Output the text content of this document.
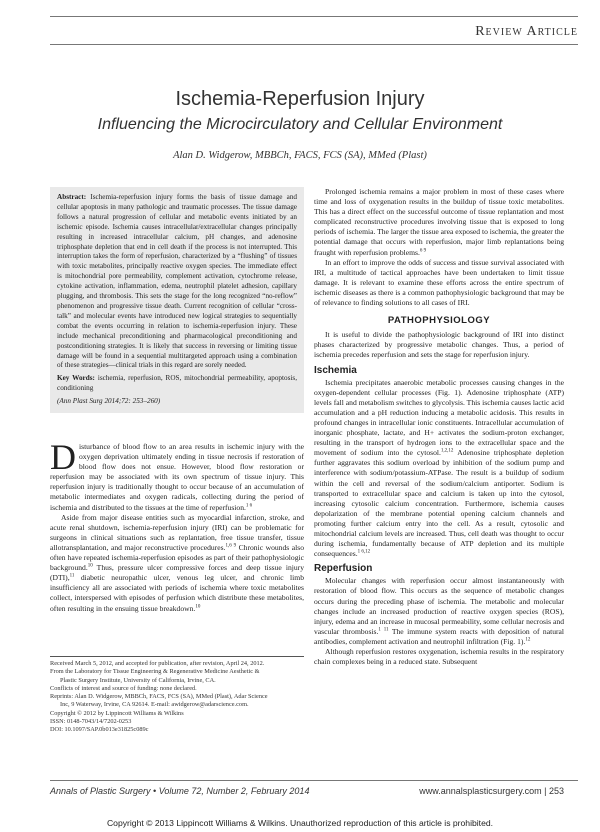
Review Article
Ischemia-Reperfusion Injury
Influencing the Microcirculatory and Cellular Environment
Alan D. Widgerow, MBBCh, FACS, FCS (SA), MMed (Plast)

Abstract: Ischemia-reperfusion injury forms the basis of tissue damage and cellular apoptosis in many pathologic and traumatic processes. The tissue damage follows a natural progression of cellular and metabolic events initiated by an ischemic episode. Ischemia causes intracellular/extracellular changes principally resulting in increased intracellular calcium, pH changes, and adenosine triphosphate depletion that end in cell death if the process is not interrupted. This interruption takes the form of reperfusion, characterized by a “flushing” of tissues with toxic metabolites, principally reactive oxygen species. The immediate effect is mitochondrial pore permeability, complement activation, cytochrome release, cytokine activation, inflammation, edema, neutrophil platelet adhesion, capillary plugging, and thrombosis. This sets the stage for the long recognized “no-reflow” phenomenon and progressive tissue death. Current recognition of cellular “cross-talk” and molecular events have introduced new logical strategies to sequentially combat the events occurring in relation to ischemia-reperfusion injury. These include mechanical preconditioning and pharmacological preconditioning and postconditioning strategies. It is likely that success in reversing or limiting tissue damage will be found in a sequential multitargeted approach using a combination of these strategies—clinical trials in this regard are sorely needed.

Key Words: ischemia, reperfusion, ROS, mitochondrial permeability, apoptosis, conditioning

(Ann Plast Surg 2014;72: 253–260)

Disturbance of blood flow to an area results in ischemic injury with the oxygen deprivation ultimately ending in tissue necrosis if restoration of blood flow does not ensue. However, blood flow restoration or reperfusion may be associated with its own spectrum of tissue injury. This reperfusion injury is traditionally thought to occur because of an accumulation of metabolic intermediates and oxygen radicals, collecting during the period of ischemia and distributed to the tissues at the time of reperfusion.$^{1 6}$

Aside from major disease entities such as myocardial infarction, stroke, and acute renal shutdown, ischemia-reperfusion injury (IRI) can be problematic for surgeons in clinical situations such as replantation, free tissue transfer, tissue allotransplantation, and major reconstructive procedures.$^{1,6 9}$ Chronic wounds also often have repeated ischemia-reperfusion episodes as part of their pathophysiologic background.$^{10}$ Thus, pressure ulcer compressive forces and deep tissue injury (DTI),$^{11}$ diabetic neuropathic ulcer, venous leg ulcer, and chronic limb insufficiency all are associated with periods of ischemia where toxic metabolites collect, interspersed with episodes of perfusion which distribute these metabolites, often resulting in the ensuing tissue breakdown.$^{10}$

Received March 5, 2012, and accepted for publication, after revision, April 24, 2012.
From the Laboratory for Tissue Engineering & Regenerative Medicine Aesthetic &
Plastic Surgery Institute, University of California, Irvine, CA.
Conflicts of interest and source of funding: none declared.
Reprints: Alan D. Widgerow, MBBCh, FACS, FCS (SA), MMed (Plast), Adar Science
Inc, 9 Waterway, Irvine, CA 92614. E-mail: awidgerow@adarscience.com.
Copyright © 2012 by Lippincott Williams & Wilkins
ISSN: 0148-7043/14/7202-0253
DOI: 10.1097/SAP.0b013e31825c089c

Prolonged ischemia remains a major problem in most of these cases where time and loss of oxygenation results in the buildup of tissue toxic metabolites. This has a direct effect on the successful outcome of tissue replantation and most complicated reconstructive procedures involving tissue that is exposed to long periods of ischemia. The larger the tissue area exposed to ischemia, the greater the potential damage that occurs with reperfusion, major limb replantations being fraught with reperfusion problems.$^{6 9}$

In an effort to improve the odds of success and tissue survival associated with IRI, a multitude of tactical approaches have been undertaken to limit tissue damage. It is relevant to examine these efforts across the entire spectrum of ischemic diseases as there is a common pathophysiologic background that may be of relevance to finding solutions to all cases of IRI.

PATHOPHYSIOLOGY

It is useful to divide the pathophysiologic background of IRI into distinct phases characterized by progressive metabolic changes. Thus, a period of ischemia precedes reperfusion and sets the stage for reperfusion injury.

Ischemia

Ischemia precipitates anaerobic metabolic processes causing changes in the oxygen-dependent cellular processes (Fig. 1). Adenosine triphosphate (ATP) levels fall and metabolism switches to glycolysis. This ischemia causes lactic acid accumulation and a pH reduction inducing a metabolic acidosis. This results in profound changes in intracellular ionic constituents. Intracellular accumulation of inorganic phosphate, lactate, and H+ activates the sodium-proton exchanger, resulting in the transport of hydrogen ions to the extracellular space and the movement of sodium into the cytosol.$^{1,2,12}$ Adenosine triphosphate depletion further aggravates this sodium overload by inhibition of the sodium pump and interference with sodium/potassium-ATPase. The result is a buildup of sodium within the cell and reversal of the sodium/calcium antiporter. Sodium is transported to extracellular space and calcium is taken up into the cytosol, increasing cytosolic calcium concentration. Furthermore, ischemia causes depolarization of the membrane potential opening calcium channels and promoting further calcium entry into the cell. As a result, cytosolic and mitochondrial calcium levels are increased. Thus, cell death was thought to occur during ischemia, fundamentally because of ATP depletion and its multiple consequences.$^{1 6,12}$

Reperfusion

Molecular changes with reperfusion occur almost instantaneously with restoration of blood flow. This occurs as the sequence of metabolic changes occurs during the preceding phase of ischemia. The metabolic and molecular changes include an increased production of reactive oxygen species (ROS), injury, edema and an increase in mucosal permeability, some cellular necrosis and vascular thrombosis.$^{1 11}$ The immune system reacts with deposition of natural antibodies, complement activation and neutrophil infiltration (Fig. 1).$^{12}$

Although reperfusion restores oxygenation, ischemia results in the respiratory chain complexes being in a reduced state. Subsequent

Annals of Plastic Surgery • Volume 72, Number 2, February 2014	www.annalsplasticsurgery.com | 253
Copyright © 2013 Lippincott Williams & Wilkins. Unauthorized reproduction of this article is prohibited.
